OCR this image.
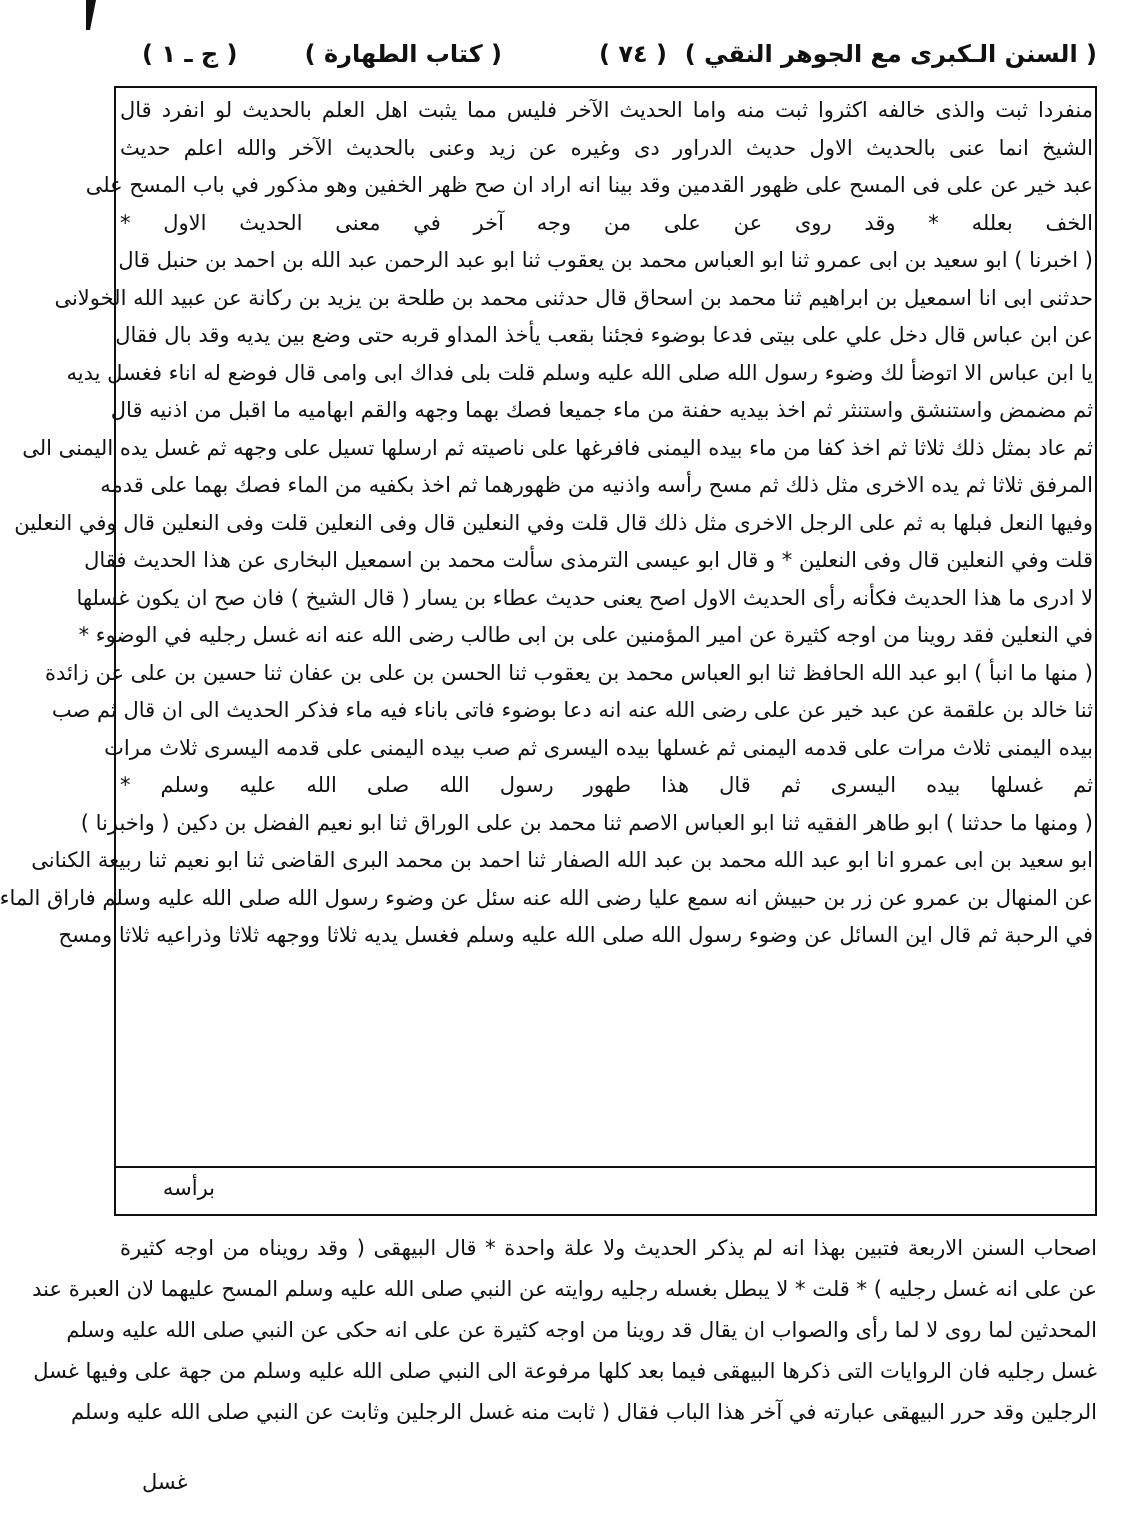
( السنن الـكبرى مع الجوهر النقي )
( ٧٤ )
( كتاب الطهارة )
( ج ـ ١ )

منفردا ثبت والذى خالفه اكثروا ثبت منه واما الحديث الآخر فليس مما يثبت اهل العلم بالحديث لو انفرد قال

الشيخ انما عنى بالحديث الاول حديث الدراور دى وغيره عن زيد وعنى بالحديث الآخر والله اعلم حديث

عبد خير عن على فى المسح على ظهور القدمين وقد بينا انه اراد ان صح ظهر الخفين وهو مذكور في باب المسح على

الخف بعلله * وقد روى عن على من وجه آخر في معنى الحديث الاول *

( اخبرنا ) ابو سعيد بن ابى عمرو ثنا ابو العباس محمد بن يعقوب ثنا ابو عبد الرحمن عبد الله بن احمد بن حنبل قال

حدثنى ابى انا اسمعيل بن ابراهيم ثنا محمد بن اسحاق قال حدثنى محمد بن طلحة بن يزيد بن ركانة عن عبيد الله الخولانى

عن ابن عباس قال دخل علي على بيتى فدعا بوضوء فجئنا بقعب يأخذ المداو قربه حتى وضع بين يديه وقد بال فقال

يا ابن عباس الا اتوضأ لك وضوء رسول الله صلى الله عليه وسلم قلت بلى فداك ابى وامى قال فوضع له اناء فغسل يديه

ثم مضمض واستنشق واستنثر ثم اخذ بيديه حفنة من ماء جميعا فصك بهما وجهه والقم ابهاميه ما اقبل من اذنيه قال

ثم عاد بمثل ذلك ثلاثا ثم اخذ كفا من ماء بيده اليمنى فافرغها على ناصيته ثم ارسلها تسيل على وجهه ثم غسل يده اليمنى الى

المرفق ثلاثا ثم يده الاخرى مثل ذلك ثم مسح رأسه واذنيه من ظهورهما ثم اخذ بكفيه من الماء فصك بهما على قدمه

وفيها النعل فبلها به ثم على الرجل الاخرى مثل ذلك قال قلت وفي النعلين قال وفى النعلين قلت وفى النعلين قال وفي النعلين

قلت وفي النعلين قال وفى النعلين * و قال ابو عيسى الترمذى سألت محمد بن اسمعيل البخارى عن هذا الحديث فقال

لا ادرى ما هذا الحديث فكأنه رأى الحديث الاول اصح يعنى حديث عطاء بن يسار ( قال الشيخ ) فان صح ان يكون غسلها

في النعلين فقد روينا من اوجه كثيرة عن امير المؤمنين على بن ابى طالب رضى الله عنه انه غسل رجليه في الوضوء *

( منها ما انبأ ) ابو عبد الله الحافظ ثنا ابو العباس محمد بن يعقوب ثنا الحسن بن على بن عفان ثنا حسين بن على عن زائدة

ثنا خالد بن علقمة عن عبد خير عن على رضى الله عنه انه دعا بوضوء فاتى باناء فيه ماء فذكر الحديث الى ان قال ثم صب

بيده اليمنى ثلاث مرات على قدمه اليمنى ثم غسلها بيده اليسرى ثم صب بيده اليمنى على قدمه اليسرى ثلاث مرات

ثم غسلها بيده اليسرى ثم قال هذا طهور رسول الله صلى الله عليه وسلم *

( ومنها ما حدثنا ) ابو طاهر الفقيه ثنا ابو العباس الاصم ثنا محمد بن على الوراق ثنا ابو نعيم الفضل بن دكين ( واخبرنا )

ابو سعيد بن ابى عمرو انا ابو عبد الله محمد بن عبد الله الصفار ثنا احمد بن محمد البرى القاضى ثنا ابو نعيم ثنا ربيعة الكنانى

عن المنهال بن عمرو عن زر بن حبيش انه سمع عليا رضى الله عنه سئل عن وضوء رسول الله صلى الله عليه وسلم فاراق الماء

في الرحبة ثم قال اين السائل عن وضوء رسول الله صلى الله عليه وسلم فغسل يديه ثلاثا ووجهه ثلاثا وذراعيه ثلاثا ومسح

برأسه

اصحاب السنن الاربعة فتبين بهذا انه لم يذكر الحديث ولا علة واحدة * قال البيهقى ( وقد رويناه من اوجه كثيرة

عن على انه غسل رجليه ) * قلت * لا يبطل بغسله رجليه روايته عن النبي صلى الله عليه وسلم المسح عليهما لان العبرة عند

المحدثين لما روى لا لما رأى والصواب ان يقال قد روينا من اوجه كثيرة عن على انه حكى عن النبي صلى الله عليه وسلم

غسل رجليه فان الروايات التى ذكرها البيهقى فيما بعد كلها مرفوعة الى النبي صلى الله عليه وسلم من جهة على وفيها غسل

الرجلين وقد حرر البيهقى عبارته في آخر هذا الباب فقال ( ثابت منه غسل الرجلين وثابت عن النبي صلى الله عليه وسلم

غسل
